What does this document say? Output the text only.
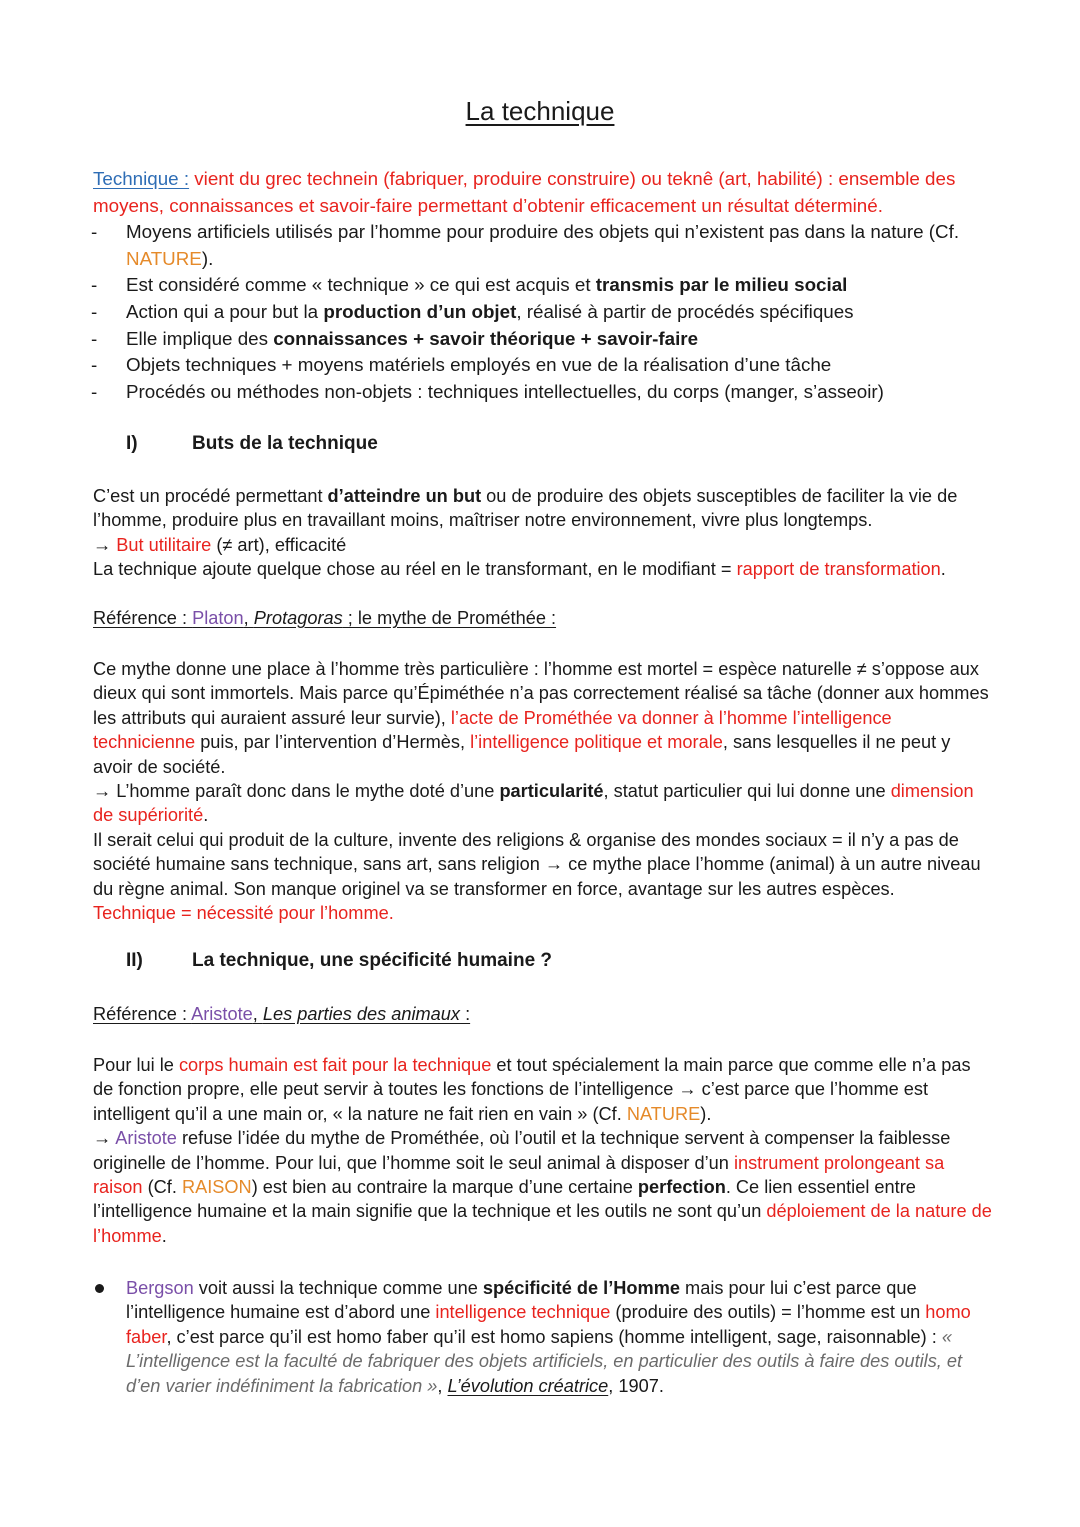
La technique

Technique : vient du grec technein (fabriquer, produire construire) ou teknê (art, habilité) : ensemble des moyens, connaissances et savoir-faire permettant d’obtenir efficacement un résultat déterminé.

- Moyens artificiels utilisés par l’homme pour produire des objets qui n’existent pas dans la nature (Cf. NATURE).
- Est considéré comme « technique » ce qui est acquis et transmis par le milieu social
- Action qui a pour but la production d’un objet, réalisé à partir de procédés spécifiques
- Elle implique des connaissances + savoir théorique + savoir-faire
- Objets techniques + moyens matériels employés en vue de la réalisation d’une tâche
- Procédés ou méthodes non-objets : techniques intellectuelles, du corps (manger, s’asseoir)
I)	Buts de la technique

C’est un procédé permettant d’atteindre un but ou de produire des objets susceptibles de faciliter la vie de l’homme, produire plus en travaillant moins, maîtriser notre environnement, vivre plus longtemps.

→ But utilitaire (≠ art), efficacité

La technique ajoute quelque chose au réel en le transformant, en le modifiant = rapport de transformation.

Référence : Platon, Protagoras ; le mythe de Prométhée :

Ce mythe donne une place à l’homme très particulière : l’homme est mortel = espèce naturelle ≠ s’oppose aux dieux qui sont immortels. Mais parce qu’Épiméthée n’a pas correctement réalisé sa tâche (donner aux hommes les attributs qui auraient assuré leur survie), l’acte de Prométhée va donner à l’homme l’intelligence technicienne puis, par l’intervention d’Hermès, l’intelligence politique et morale, sans lesquelles il ne peut y avoir de société.

→ L’homme paraît donc dans le mythe doté d’une particularité, statut particulier qui lui donne une dimension de supériorité.

Il serait celui qui produit de la culture, invente des religions & organise des mondes sociaux = il n’y a pas de société humaine sans technique, sans art, sans religion → ce mythe place l’homme (animal) à un autre niveau du règne animal. Son manque originel va se transformer en force, avantage sur les autres espèces.

Technique = nécessité pour l’homme.

II)	La technique, une spécificité humaine ?

Référence : Aristote, Les parties des animaux :

Pour lui le corps humain est fait pour la technique et tout spécialement la main parce que comme elle n’a pas de fonction propre, elle peut servir à toutes les fonctions de l’intelligence → c’est parce que l’homme est intelligent qu’il a une main or, « la nature ne fait rien en vain » (Cf. NATURE).

→ Aristote refuse l’idée du mythe de Prométhée, où l’outil et la technique servent à compenser la faiblesse originelle de l’homme. Pour lui, que l’homme soit le seul animal à disposer d’un instrument prolongeant sa raison (Cf. RAISON) est bien au contraire la marque d’une certaine perfection. Ce lien essentiel entre l’intelligence humaine et la main signifie que la technique et les outils ne sont qu’un déploiement de la nature de l’homme.

Bergson voit aussi la technique comme une spécificité de l’Homme mais pour lui c’est parce que l’intelligence humaine est d’abord une intelligence technique (produire des outils) = l’homme est un homo faber, c’est parce qu’il est homo faber qu’il est homo sapiens (homme intelligent, sage, raisonnable) : « L’intelligence est la faculté de fabriquer des objets artificiels, en particulier des outils à faire des outils, et d’en varier indéfiniment la fabrication », L’évolution créatrice, 1907.
